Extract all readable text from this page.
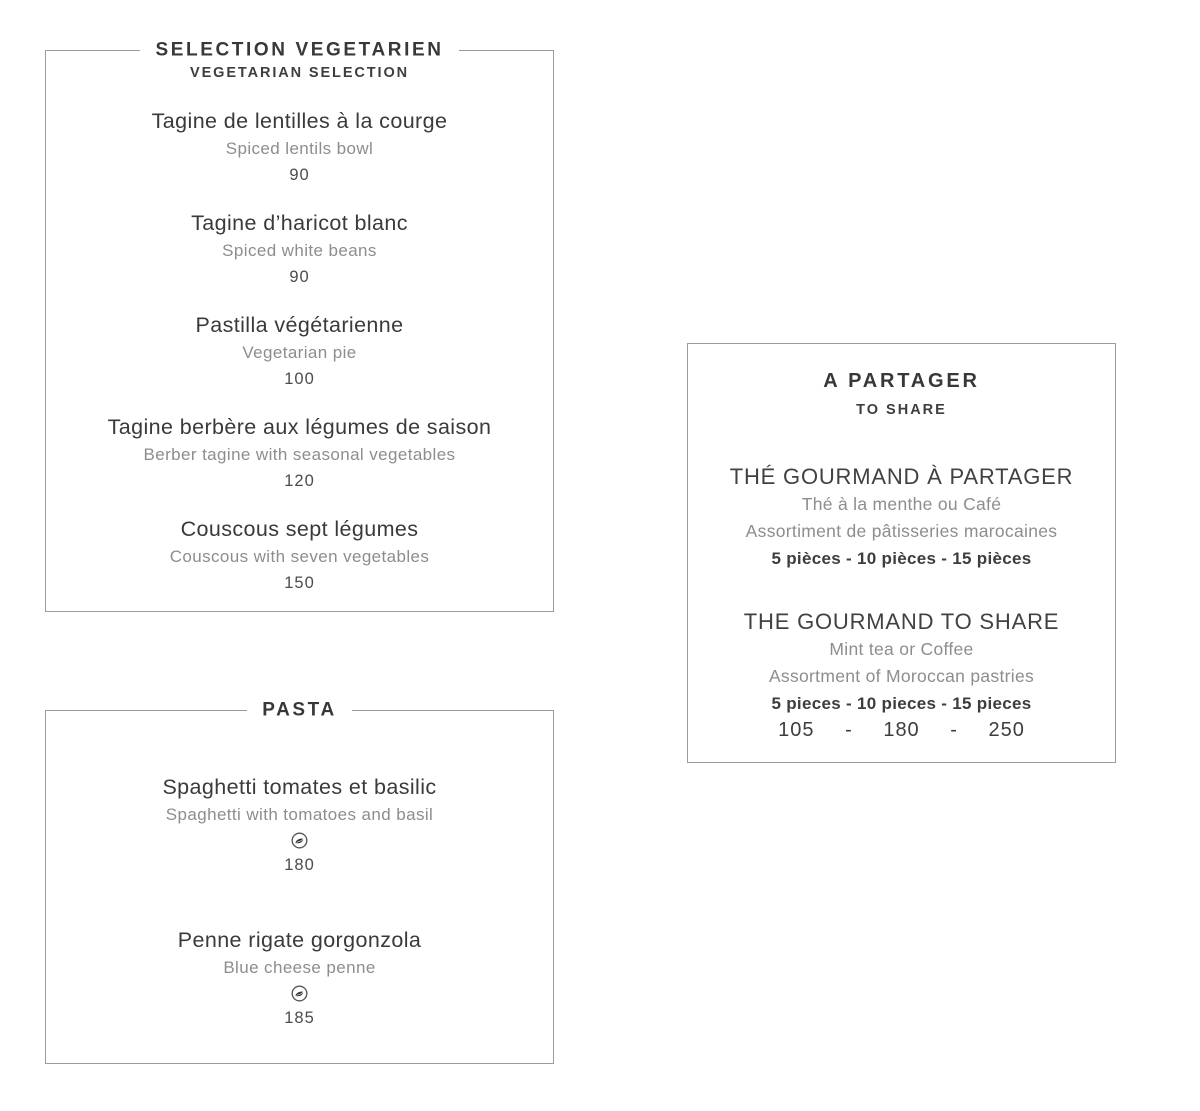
SELECTION VEGETARIEN
VEGETARIAN SELECTION
Tagine de lentilles à la courge
Spiced lentils bowl
90
Tagine d’haricot blanc
Spiced white beans
90
Pastilla végétarienne
Vegetarian pie
100
Tagine berbère aux légumes de saison
Berber tagine with seasonal vegetables
120
Couscous sept légumes
Couscous with seven vegetables
150
PASTA
Spaghetti tomates et basilic
Spaghetti with tomatoes and basil
180
Penne rigate gorgonzola
Blue cheese penne
185
A PARTAGER
TO SHARE
THÉ GOURMAND À PARTAGER
Thé à la menthe ou Café
Assortiment de pâtisseries marocaines
5 pièces - 10 pièces - 15 pièces
THE GOURMAND TO SHARE
Mint tea or Coffee
Assortment of Moroccan pastries
5 pieces - 10 pieces - 15 pieces
105 - 180 - 250
